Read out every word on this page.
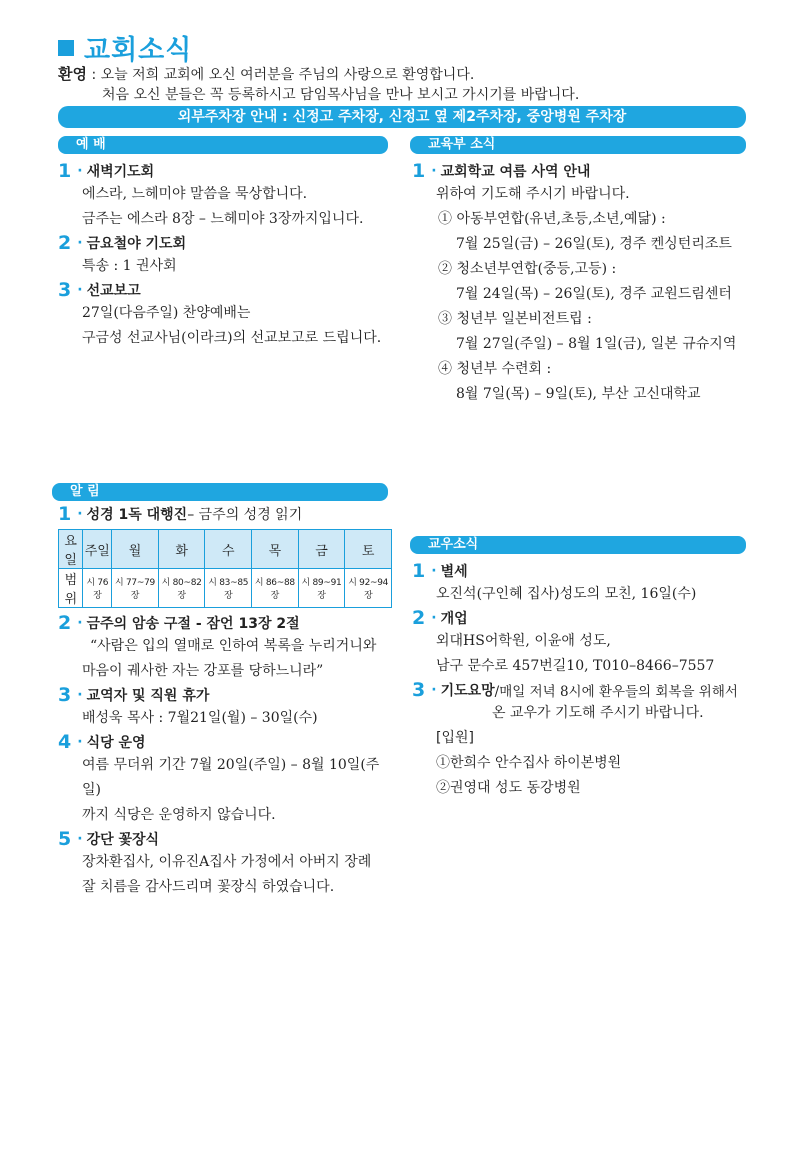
교회소식
환영 : 오늘 저희 교회에 오신 여러분을 주님의 사랑으로 환영합니다.
처음 오신 분들은 꼭 등록하시고 담임목사님을 만나 보시고 가시기를 바랍니다.
외부주차장 안내 : 신정고 주차장, 신정고 옆 제2주차장, 중앙병원 주차장
예 배
1 · 새벽기도회
에스라, 느헤미야 말씀을 묵상합니다.
금주는 에스라 8장 – 느헤미야 3장까지입니다.
2 · 금요철야 기도회
특송 : 1 권사회
3 · 선교보고
27일(다음주일) 찬양예배는
구금성 선교사님(이라크)의 선교보고로 드립니다.
교육부 소식
1 · 교회학교 여름 사역 안내
위하여 기도해 주시기 바랍니다.
① 아동부연합(유년,초등,소년,예닮) :
7월 25일(금) – 26일(토), 경주 켄싱턴리조트
② 청소년부연합(중등,고등) :
7월 24일(목) – 26일(토), 경주 교원드림센터
③ 청년부 일본비전트립 :
7월 27일(주일) – 8월 1일(금), 일본 규슈지역
④ 청년부 수련회 :
8월 7일(목) – 9일(토), 부산 고신대학교
알 림
1 · 성경 1독 대행진 – 금주의 성경 읽기
요일	주일	월	화	수	목	금	토
범위	시 76장	시 77~79장	시 80~82장	시 83~85장	시 86~88장	시 89~91장	시 92~94장
2 · 금주의 암송 구절 - 잠언 13장 2절
“사람은 입의 열매로 인하여 복록을 누리거니와
마음이 궤사한 자는 강포를 당하느니라”
3 · 교역자 및 직원 휴가
배성욱 목사 : 7월21일(월) – 30일(수)
4 · 식당 운영
여름 무더위 기간 7월 20일(주일) – 8월 10일(주일)
까지 식당은 운영하지 않습니다.
5 · 강단 꽃장식
장차환집사, 이유진A집사 가정에서 아버지 장례
잘 치름을 감사드리며 꽃장식 하였습니다.
교우소식
1 · 별세
오진석(구인혜 집사)성도의 모친, 16일(수)
2 · 개업
외대HS어학원, 이윤애 성도,
남구 문수로 457번길10, T010–8466–7557
3 · 기도요망 /매일 저녁 8시에 환우들의 회복을 위해서
온 교우가 기도해 주시기 바랍니다.
[입원]
①한희수 안수집사 하이본병원
②권영대 성도 동강병원
